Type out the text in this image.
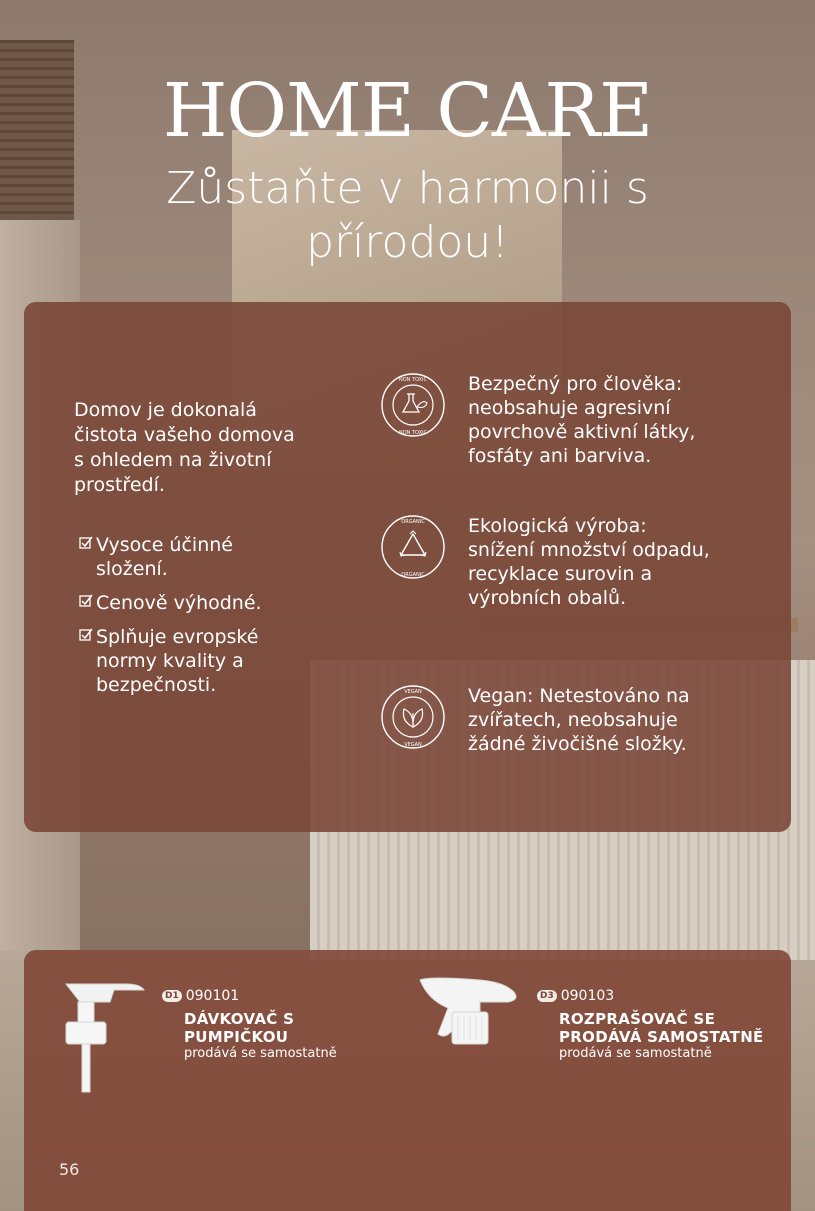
HOME CARE

Zůstaňte v harmonii s
přírodou!

Domov je dokonalá
čistota vašeho domova
s ohledem na životní
prostředí.
Vysoce účinné
složení.
Cenově výhodné.
Splňuje evropské
normy kvality a
bezpečnosti.
NON TOXIC
NON TOXIC
Bezpečný pro člověka:
neobsahuje agresivní
povrchově aktivní látky,
fosfáty ani barviva.
ORGANIC
ORGANIC
Ekologická výroba:
snížení množství odpadu,
recyklace surovin a
výrobních obalů.
VEGAN
VEGAN
Vegan: Netestováno na
zvířatech, neobsahuje
žádné živočišné složky.
D1 090101
DÁVKOVAČ S
PUMPIČKOU
prodává se samostatně
D3 090103
ROZPRAŠOVAČ SE
PRODÁVÁ SAMOSTATNĚ
prodává se samostatně
56
